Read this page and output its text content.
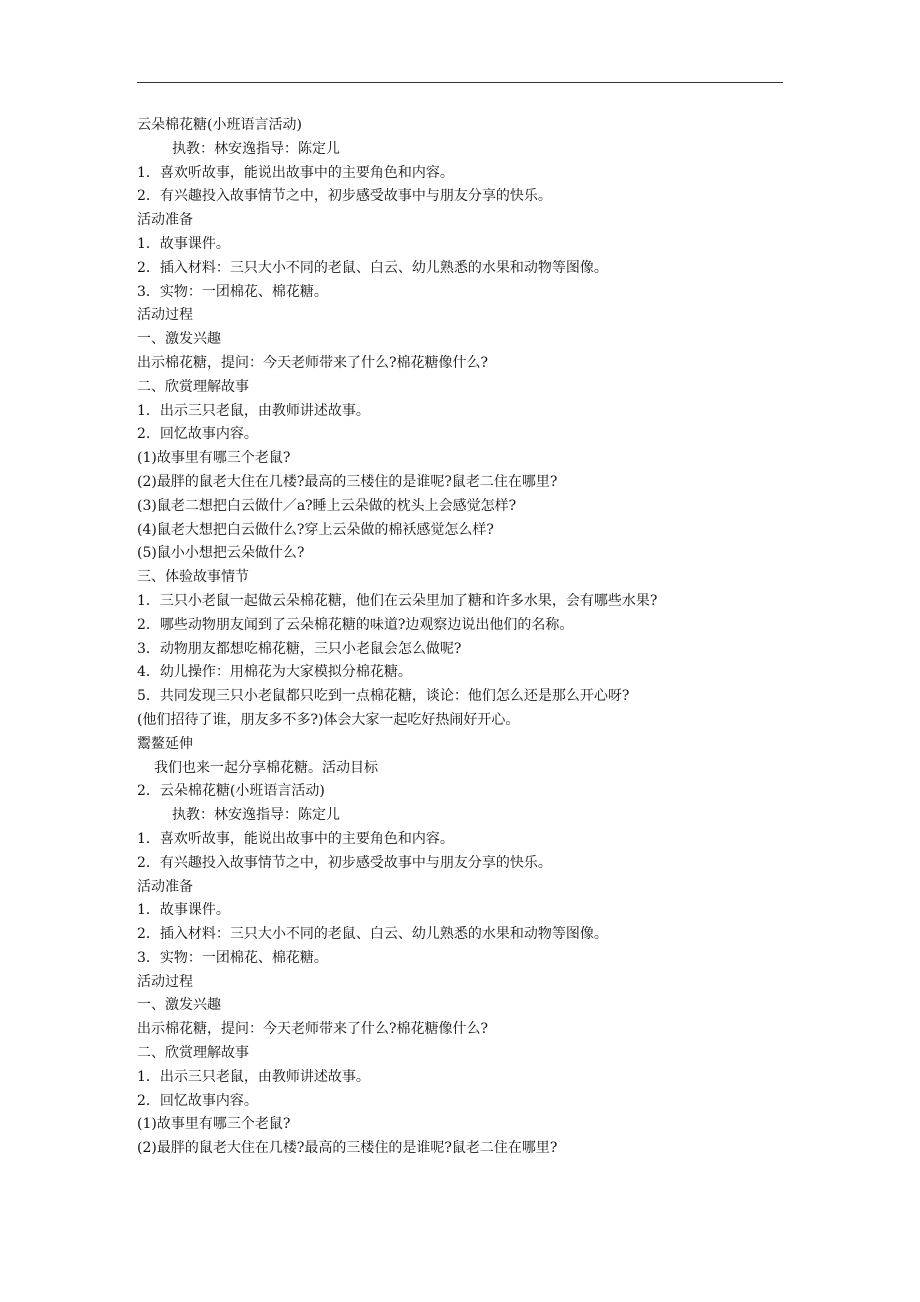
云朵棉花糖(小班语言活动)
执教：林安逸指导：陈定儿
1．喜欢听故事，能说出故事中的主要角色和内容。
2．有兴趣投入故事情节之中，初步感受故事中与朋友分享的快乐。
活动准备
1．故事课件。
2．插入材料：三只大小不同的老鼠、白云、幼儿熟悉的水果和动物等图像。
3．实物：一团棉花、棉花糖。
活动过程
一、激发兴趣
出示棉花糖，提问：今天老师带来了什么?棉花糖像什么?
二、欣赏理解故事
1．出示三只老鼠，由教师讲述故事。
2．回忆故事内容。
(1)故事里有哪三个老鼠?
(2)最胖的鼠老大住在几楼?最高的三楼住的是谁呢?鼠老二住在哪里?
(3)鼠老二想把白云做什／a?睡上云朵做的枕头上会感觉怎样?
(4)鼠老大想把白云做什么?穿上云朵做的棉袄感觉怎么样?
(5)鼠小小想把云朵做什么?
三、体验故事情节
1．三只小老鼠一起做云朵棉花糖，他们在云朵里加了糖和许多水果，会有哪些水果?
2．哪些动物朋友闻到了云朵棉花糖的味道?边观察边说出他们的名称。
3．动物朋友都想吃棉花糖，三只小老鼠会怎么做呢?
4．幼儿操作：用棉花为大家模拟分棉花糖。
5．共同发现三只小老鼠都只吃到一点棉花糖，谈论：他们怎么还是那么开心呀?
(他们招待了谁，朋友多不多?)体会大家一起吃好热闹好开心。
鬻鳌延伸
我们也来一起分享棉花糖。活动目标
2．云朵棉花糖(小班语言活动)
执教：林安逸指导：陈定儿
1．喜欢听故事，能说出故事中的主要角色和内容。
2．有兴趣投入故事情节之中，初步感受故事中与朋友分享的快乐。
活动准备
1．故事课件。
2．插入材料：三只大小不同的老鼠、白云、幼儿熟悉的水果和动物等图像。
3．实物：一团棉花、棉花糖。
活动过程
一、激发兴趣
出示棉花糖，提问：今天老师带来了什么?棉花糖像什么?
二、欣赏理解故事
1．出示三只老鼠，由教师讲述故事。
2．回忆故事内容。
(1)故事里有哪三个老鼠?
(2)最胖的鼠老大住在几楼?最高的三楼住的是谁呢?鼠老二住在哪里?
